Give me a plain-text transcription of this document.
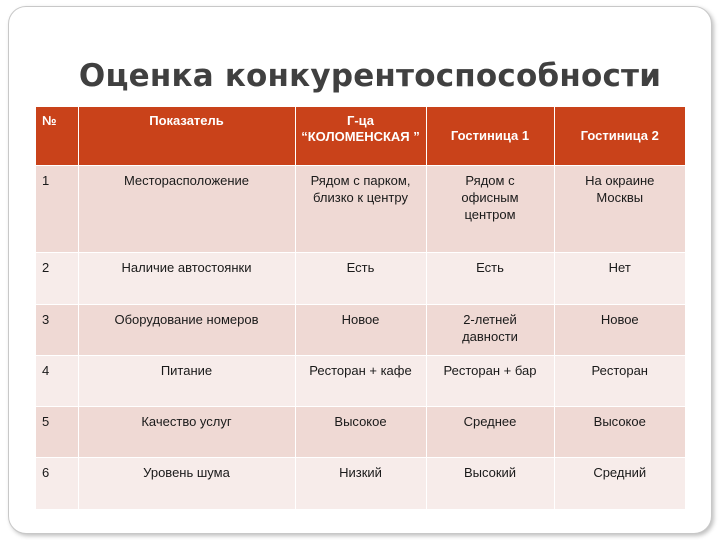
Оценка конкурентоспособности
№	Показатель	Г-ца “КОЛОМЕНСКАЯ ”	Гостиница 1	Гостиница 2
1	Месторасположение	Рядом с парком, близко к центру	Рядом с офисным центром	На окраине Москвы
2	Наличие автостоянки	Есть	Есть	Нет
3	Оборудование номеров	Новое	2-летней давности	Новое
4	Питание	Ресторан + кафе	Ресторан + бар	Ресторан
5	Качество услуг	Высокое	Среднее	Высокое
6	Уровень шума	Низкий	Высокий	Средний
